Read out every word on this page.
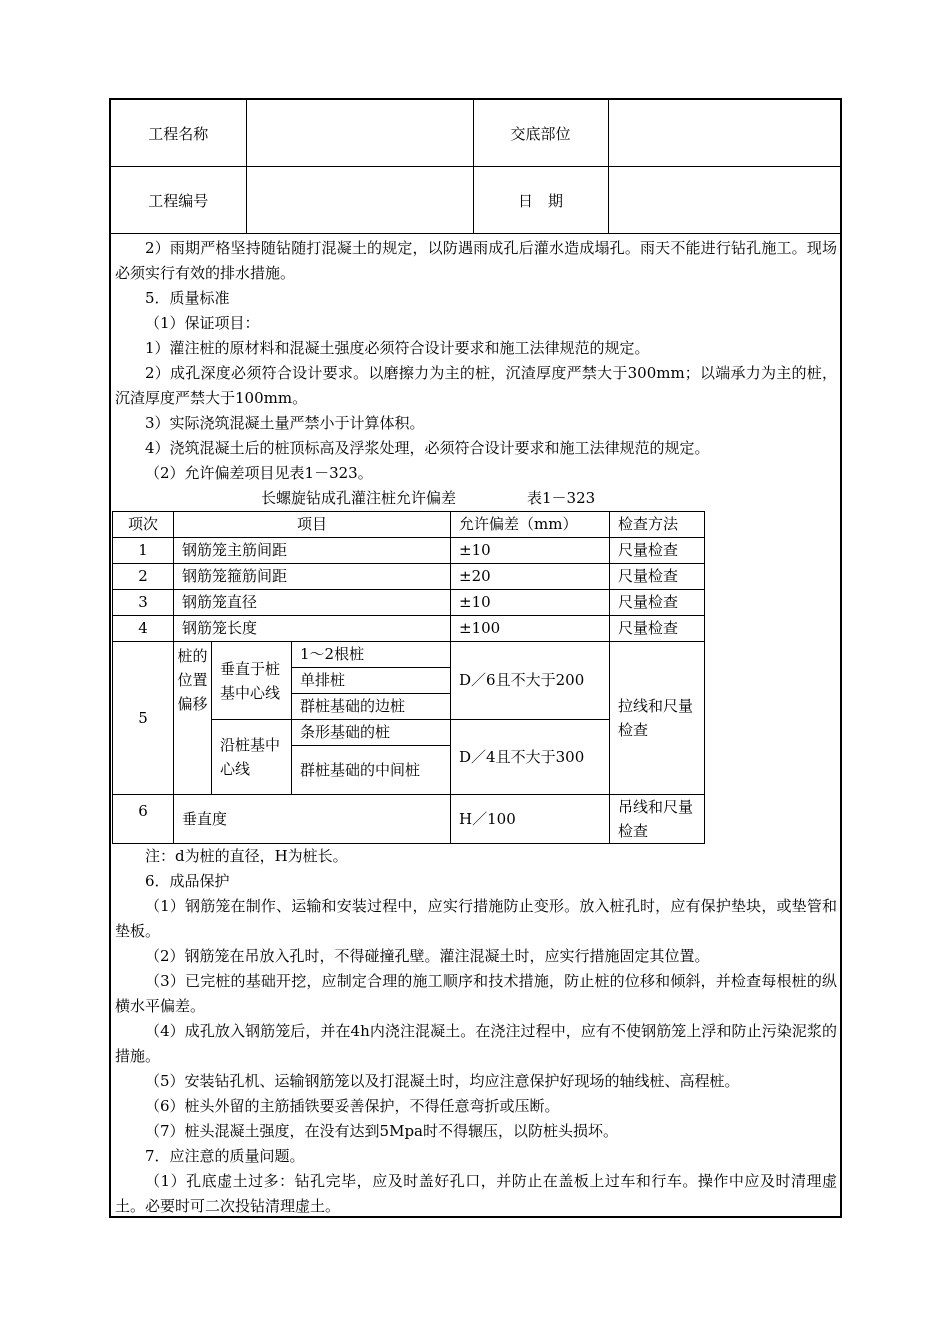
工程名称		交底部位	
工程编号		日　期	

2）雨期严格坚持随钻随打混凝土的规定，以防遇雨成孔后灌水造成塌孔。雨天不能进行钻孔施工。现场必须实行有效的排水措施。

5．质量标准

（1）保证项目：

1）灌注桩的原材料和混凝土强度必须符合设计要求和施工法律规范的规定。

2）成孔深度必须符合设计要求。以磨擦力为主的桩，沉渣厚度严禁大于300mm；以端承力为主的桩，沉渣厚度严禁大于100mm。

3）实际浇筑混凝土量严禁小于计算体积。

4）浇筑混凝土后的桩顶标高及浮浆处理，必须符合设计要求和施工法律规范的规定。

（2）允许偏差项目见表1－323。

长螺旋钻成孔灌注桩允许偏差	表1－323
项次	项目			允许偏差（mm）	检查方法
1	钢筋笼主筋间距			±10	尺量检查
2	钢筋笼箍筋间距			±20	尺量检查
3	钢筋笼直径			±10	尺量检查
4	钢筋笼长度			±100	尺量检查
5	桩的位置偏移	垂直于桩基中心线	1～2根桩	D／6且不大于200	拉线和尺量检查
			单排桩		
			群桩基础的边桩		
		沿桩基中心线	条形基础的桩	D／4且不大于300	
			群桩基础的中间桩		
6	垂直度			H／100	吊线和尺量检查

注：d为桩的直径，H为桩长。

6．成品保护

（1）钢筋笼在制作、运输和安装过程中，应实行措施防止变形。放入桩孔时，应有保护垫块，或垫管和垫板。

（2）钢筋笼在吊放入孔时，不得碰撞孔壁。灌注混凝土时，应实行措施固定其位置。

（3）已完桩的基础开挖，应制定合理的施工顺序和技术措施，防止桩的位移和倾斜，并检查每根桩的纵横水平偏差。

（4）成孔放入钢筋笼后，并在4h内浇注混凝土。在浇注过程中，应有不使钢筋笼上浮和防止污染泥浆的措施。

（5）安装钻孔机、运输钢筋笼以及打混凝土时，均应注意保护好现场的轴线桩、高程桩。

（6）桩头外留的主筋插铁要妥善保护，不得任意弯折或压断。

（7）桩头混凝土强度，在没有达到5Mpa时不得辗压，以防桩头损坏。

7．应注意的质量问题。

（1）孔底虚土过多：钻孔完毕，应及时盖好孔口，并防止在盖板上过车和行车。操作中应及时清理虚土。必要时可二次投钻清理虚土。
